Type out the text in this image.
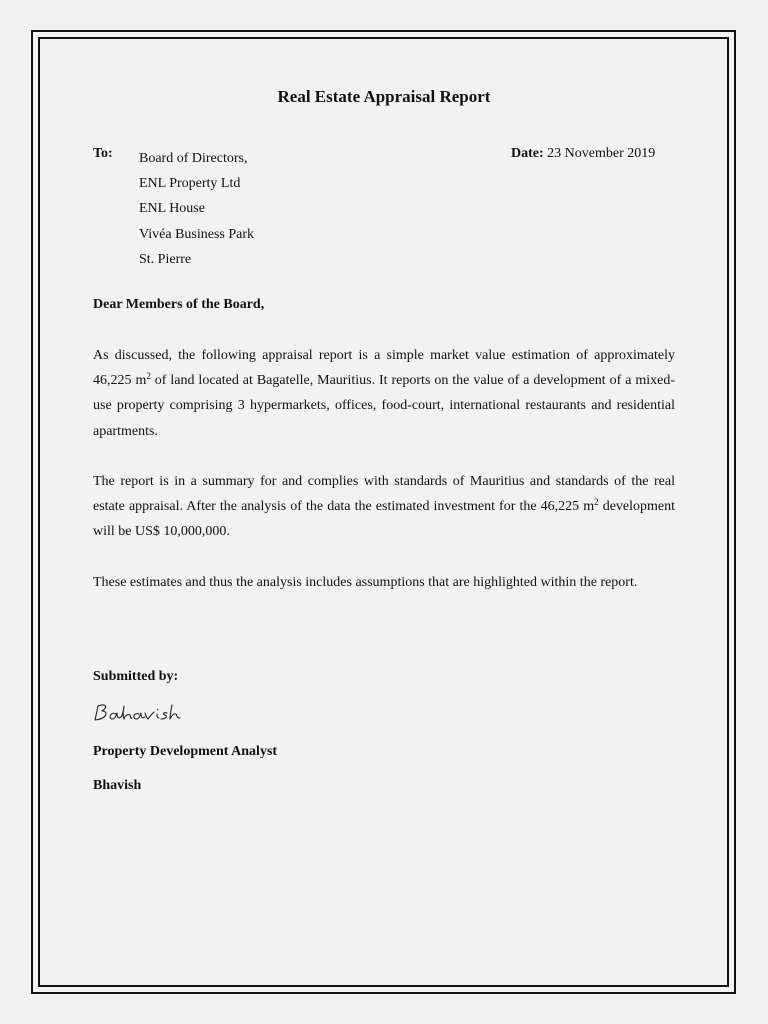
Real Estate Appraisal Report
To: Board of Directors,
ENL Property Ltd
ENL House
Vivéa Business Park
St. Pierre
Date: 23 November 2019
Dear Members of the Board,

As discussed, the following appraisal report is a simple market value estimation of approximately 46,225 $m^2$ of land located at Bagatelle, Mauritius. It reports on the value of a development of a mixed-use property comprising 3 hypermarkets, offices, food-court, international restaurants and residential apartments.

The report is in a summary for and complies with standards of Mauritius and standards of the real estate appraisal. After the analysis of the data the estimated investment for the 46,225 $m^2$ development will be US$ 10,000,000.

These estimates and thus the analysis includes assumptions that are highlighted within the report.

Submitted by:
Property Development Analyst
Bhavish
